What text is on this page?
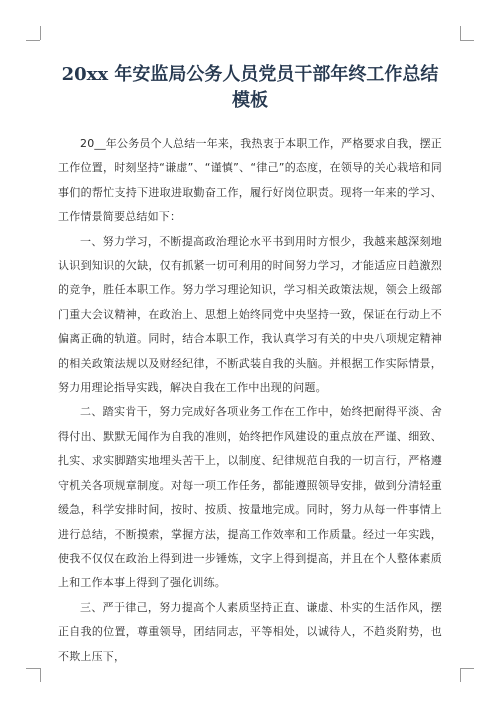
20xx 年安监局公务人员党员干部年终工作总结模板

20__年公务员个人总结一年来，我热衷于本职工作，严格要求自我，摆正工作位置，时刻坚持“谦虚”、“谨慎”、“律己”的态度，在领导的关心栽培和同事们的帮忙支持下进取进取勤奋工作，履行好岗位职责。现将一年来的学习、工作情景简要总结如下：

一、努力学习，不断提高政治理论水平书到用时方恨少，我越来越深刻地认识到知识的欠缺，仅有抓紧一切可利用的时间努力学习，才能适应日趋激烈的竞争，胜任本职工作。努力学习理论知识，学习相关政策法规，领会上级部门重大会议精神，在政治上、思想上始终同党中央坚持一致，保证在行动上不偏离正确的轨道。同时，结合本职工作，我认真学习有关的中央八项规定精神的相关政策法规以及财经纪律，不断武装自我的头脑。并根据工作实际情景，努力用理论指导实践，解决自我在工作中出现的问题。

二、踏实肯干，努力完成好各项业务工作在工作中，始终把耐得平淡、舍得付出、默默无闻作为自我的准则，始终把作风建设的重点放在严谨、细致、扎实、求实脚踏实地埋头苦干上，以制度、纪律规范自我的一切言行，严格遵守机关各项规章制度。对每一项工作任务，都能遵照领导安排，做到分清轻重缓急，科学安排时间，按时、按质、按量地完成。同时，努力从每一件事情上进行总结，不断摸索，掌握方法，提高工作效率和工作质量。经过一年实践，使我不仅仅在政治上得到进一步锤炼，文字上得到提高，并且在个人整体素质上和工作本事上得到了强化训练。

三、严于律己，努力提高个人素质坚持正直、谦虚、朴实的生活作风，摆正自我的位置，尊重领导，团结同志，平等相处，以诚待人，不趋炎附势，也不欺上压下，
